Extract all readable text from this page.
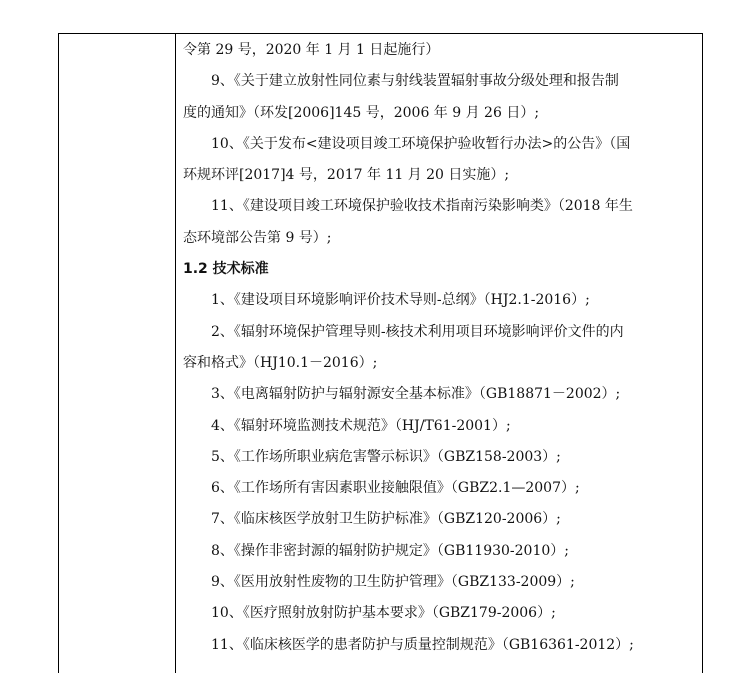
令第 29 号，2020 年 1 月 1 日起施行）
9、《关于建立放射性同位素与射线装置辐射事故分级处理和报告制
度的通知》（环发[2006]145 号，2006 年 9 月 26 日）;
10、《关于发布<建设项目竣工环境保护验收暂行办法>的公告》（国
环规环评[2017]4 号，2017 年 11 月 20 日实施）;
11、《建设项目竣工环境保护验收技术指南污染影响类》（2018 年生
态环境部公告第 9 号）;
1.2 技术标准
1、《建设项目环境影响评价技术导则-总纲》（HJ2.1-2016）;
2、《辐射环境保护管理导则-核技术利用项目环境影响评价文件的内
容和格式》（HJ10.1－2016）;
3、《电离辐射防护与辐射源安全基本标准》（GB18871－2002）;
4、《辐射环境监测技术规范》（HJ/T61-2001）;
5、《工作场所职业病危害警示标识》（GBZ158-2003）;
6、《工作场所有害因素职业接触限值》（GBZ2.1—2007）;
7、《临床核医学放射卫生防护标准》（GBZ120-2006）;
8、《操作非密封源的辐射防护规定》（GB11930-2010）;
9、《医用放射性废物的卫生防护管理》（GBZ133-2009）;
10、《医疗照射放射防护基本要求》（GBZ179-2006）;
11、《临床核医学的患者防护与质量控制规范》（GB16361-2012）;
